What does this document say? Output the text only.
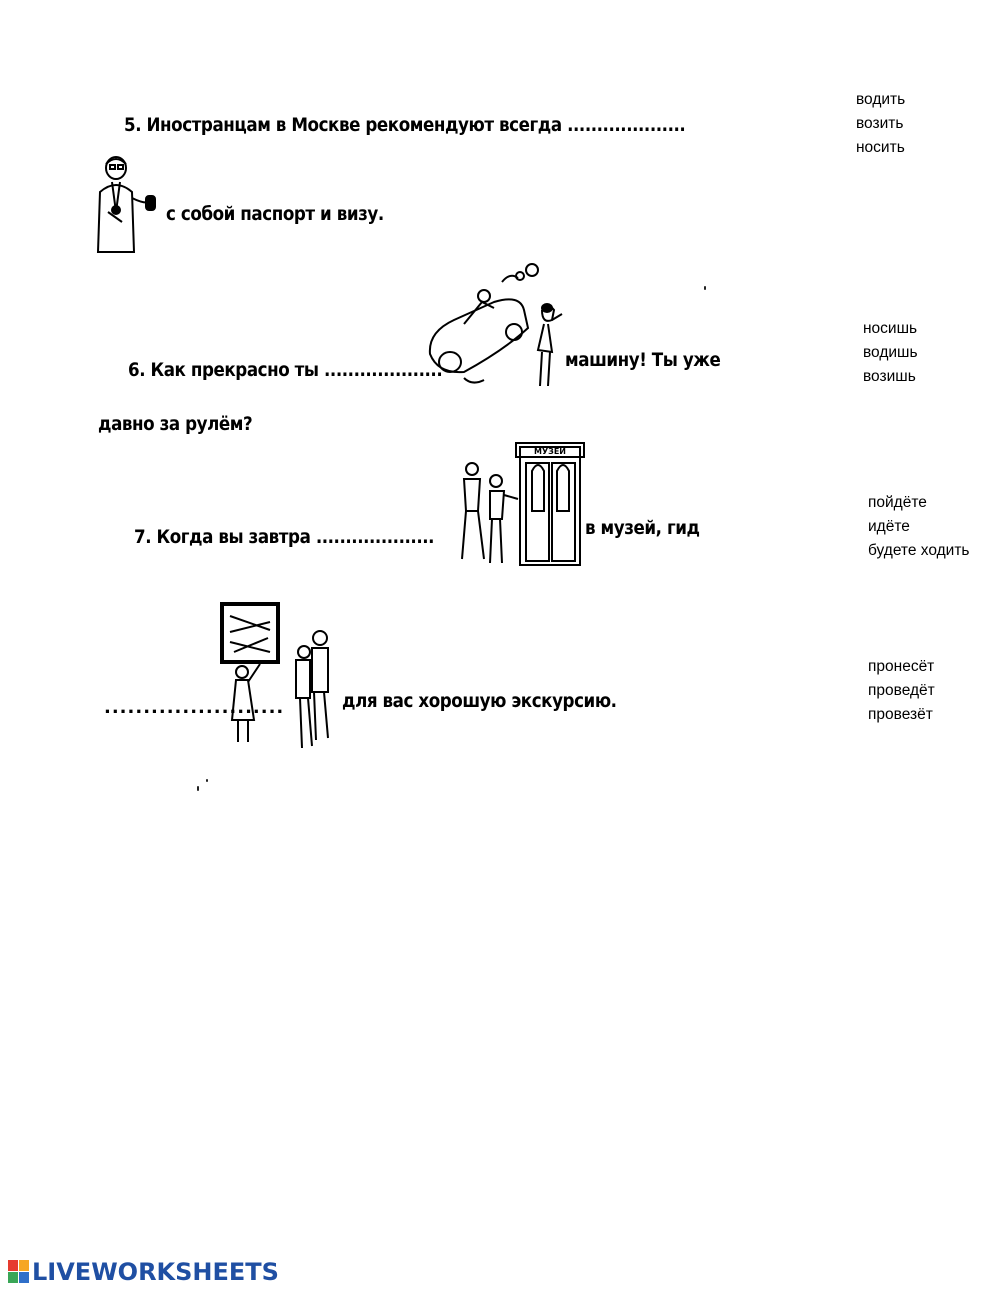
5. Иностранцам в Москве рекомендуют всегда ....................
с собой паспорт и визу.
водить
возить
носить
6. Как прекрасно ты ....................	машину! Ты уже
давно за рулём?
носишь
водишь
возишь
7. Когда вы завтра ....................
МУЗЕЙ
в музей, гид
пойдёте
идёте
будете ходить
.......................	для вас хорошую экскурсию.
пронесёт
проведёт
провезёт
LIVEWORKSHEETS
